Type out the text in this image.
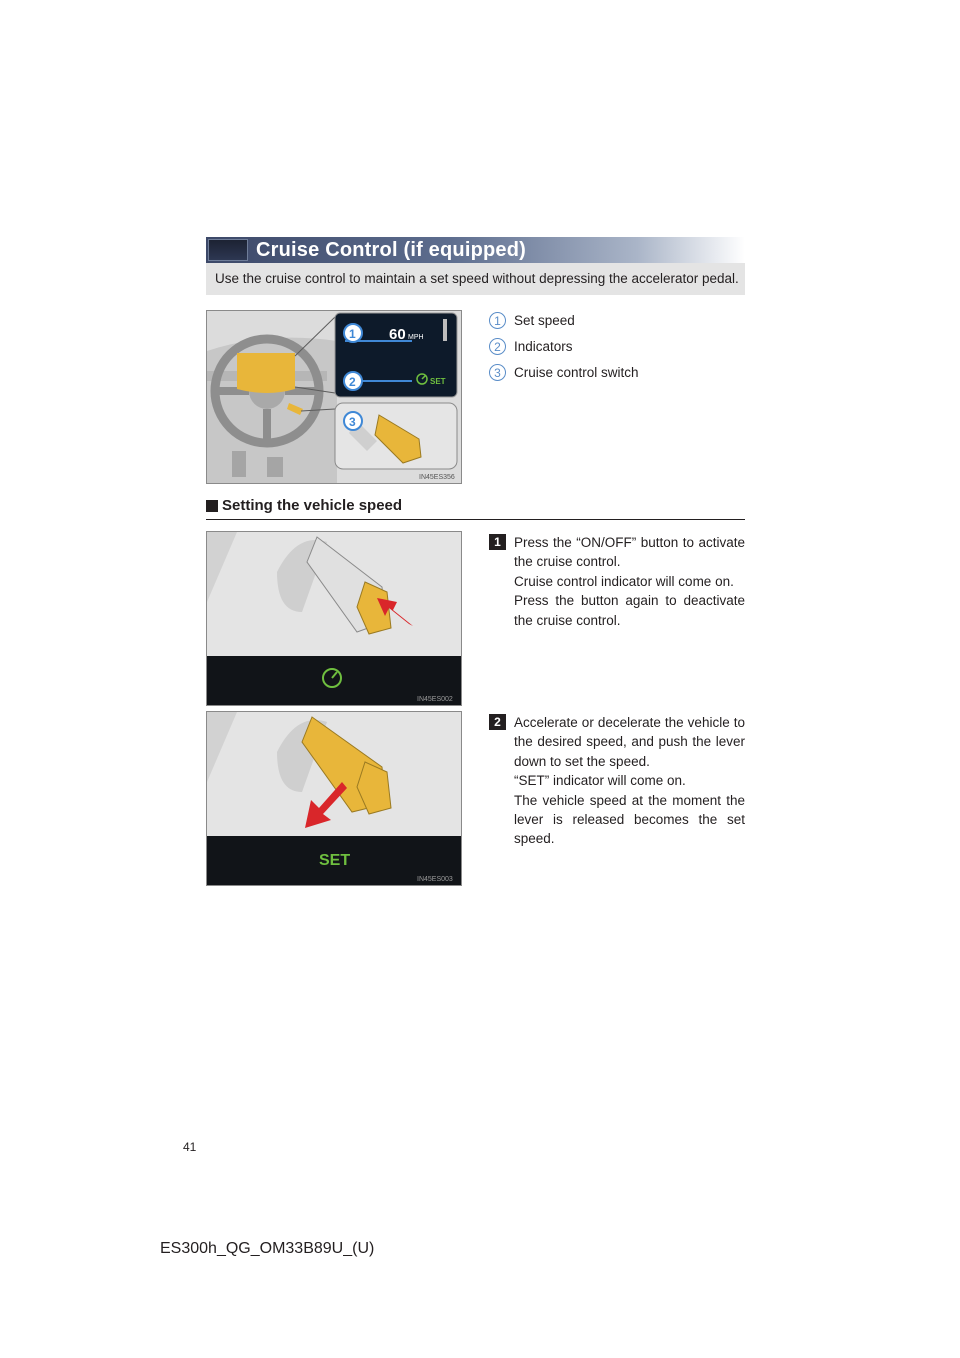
Cruise Control (if equipped)
Use the cruise control to maintain a set speed without depressing the accelerator pedal.
60 MPH
SET
1
2
3
IN45ES356
1 Set speed
2 Indicators
3 Cruise control switch
Setting the vehicle speed
IN45ES002
SET
IN45ES003
1 Press the “ON/OFF” button to activate the cruise control.

Cruise control indicator will come on.

Press the button again to deactivate the cruise control.

2 Accelerate or decelerate the vehicle to the desired speed, and push the lever down to set the speed.

“SET” indicator will come on.

The vehicle speed at the moment the lever is released becomes the set speed.

41
ES300h_QG_OM33B89U_(U)
